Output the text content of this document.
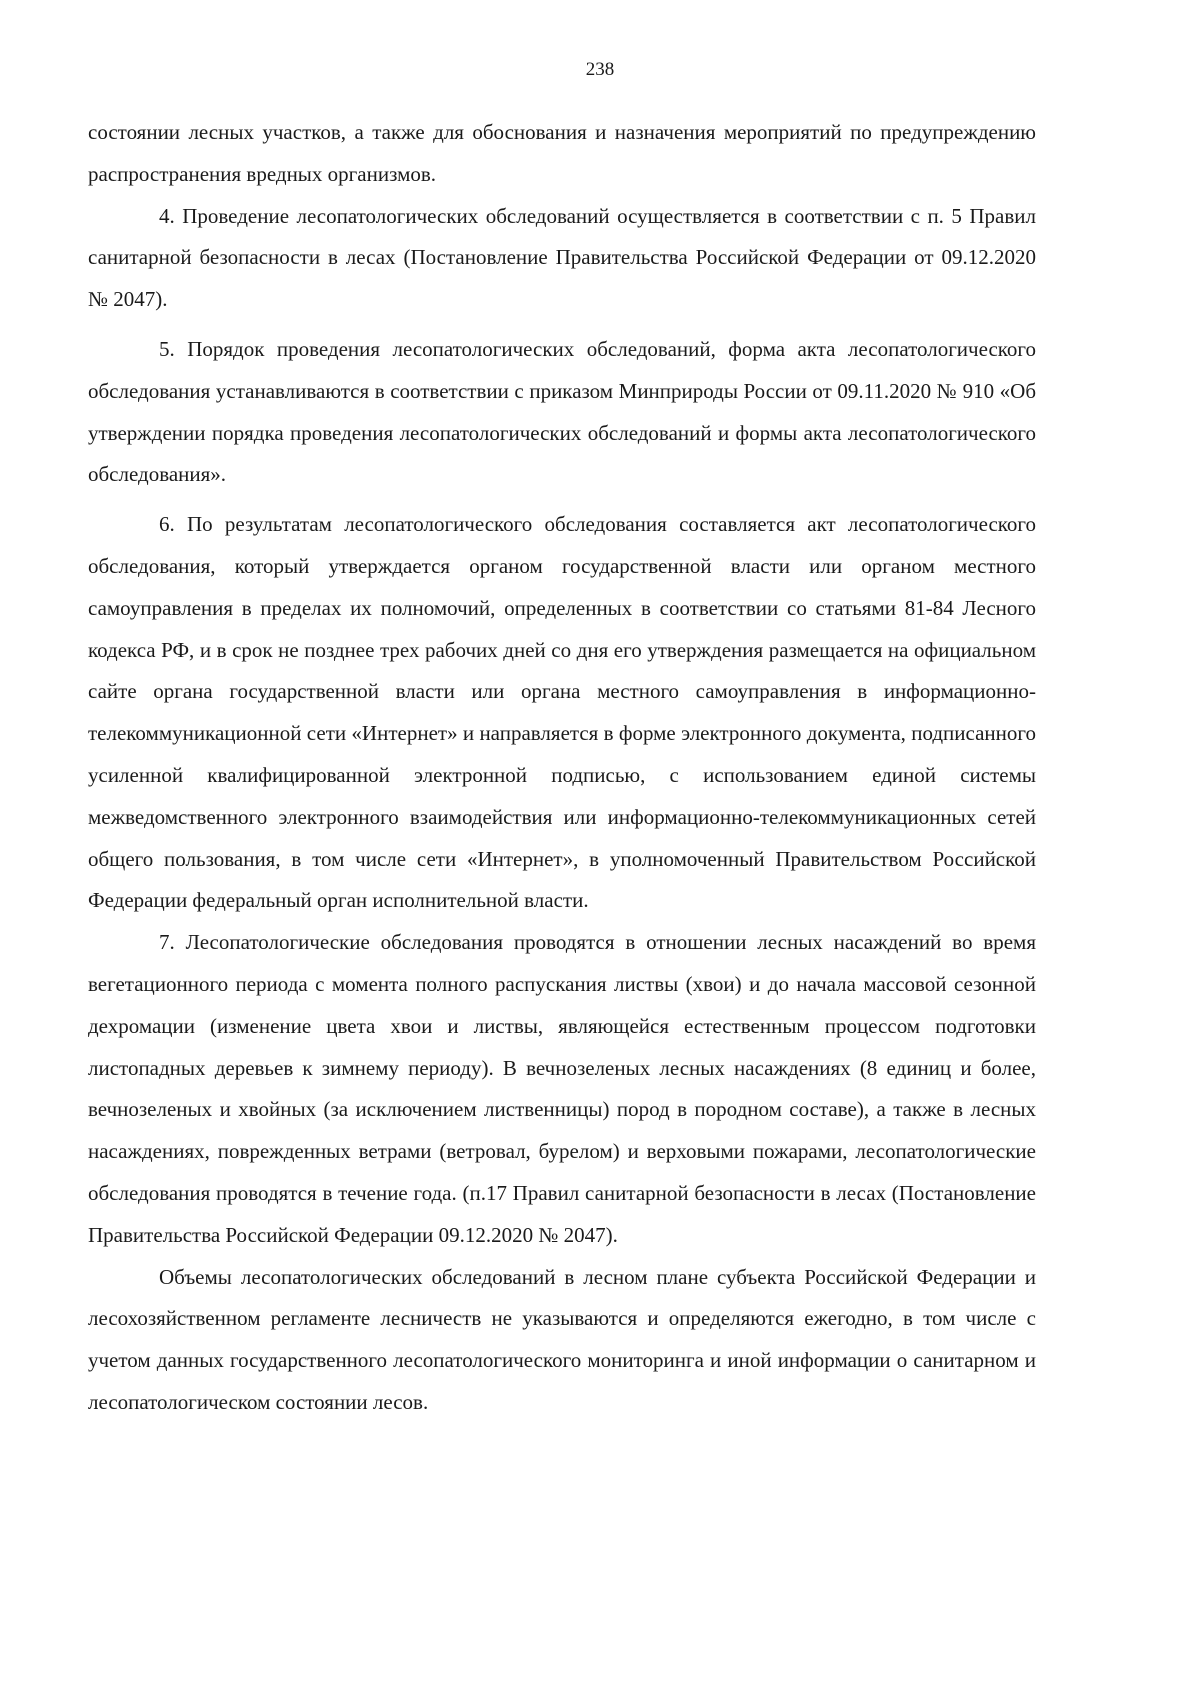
238

состоянии лесных участков, а также для обоснования и назначения мероприятий по предупреждению распространения вредных организмов.

4. Проведение лесопатологических обследований осуществляется в соответствии с п. 5 Правил санитарной безопасности в лесах (Постановление Правительства Российской Федерации от 09.12.2020 № 2047).

5. Порядок проведения лесопатологических обследований, форма акта лесопатологического обследования устанавливаются в соответствии с приказом Минприроды России от 09.11.2020 № 910 «Об утверждении порядка проведения лесопатологических обследований и формы акта лесопатологического обследования».

6. По результатам лесопатологического обследования составляется акт лесопатологического обследования, который утверждается органом государственной власти или органом местного самоуправления в пределах их полномочий, определенных в соответствии со статьями 81-84 Лесного кодекса РФ, и в срок не позднее трех рабочих дней со дня его утверждения размещается на официальном сайте органа государственной власти или органа местного самоуправления в информационно-телекоммуникационной сети «Интернет» и направляется в форме электронного документа, подписанного усиленной квалифицированной электронной подписью, с использованием единой системы межведомственного электронного взаимодействия или информационно-телекоммуникационных сетей общего пользования, в том числе сети «Интернет», в уполномоченный Правительством Российской Федерации федеральный орган исполнительной власти.

7. Лесопатологические обследования проводятся в отношении лесных насаждений во время вегетационного периода с момента полного распускания листвы (хвои) и до начала массовой сезонной дехромации (изменение цвета хвои и листвы, являющейся естественным процессом подготовки листопадных деревьев к зимнему периоду). В вечнозеленых лесных насаждениях (8 единиц и более, вечнозеленых и хвойных (за исключением лиственницы) пород в породном составе), а также в лесных насаждениях, поврежденных ветрами (ветровал, бурелом) и верховыми пожарами, лесопатологические обследования проводятся в течение года. (п.17 Правил санитарной безопасности в лесах (Постановление Правительства Российской Федерации 09.12.2020 № 2047).

Объемы лесопатологических обследований в лесном плане субъекта Российской Федерации и лесохозяйственном регламенте лесничеств не указываются и определяются ежегодно, в том числе с учетом данных государственного лесопатологического мониторинга и иной информации о санитарном и лесопатологическом состоянии лесов.
